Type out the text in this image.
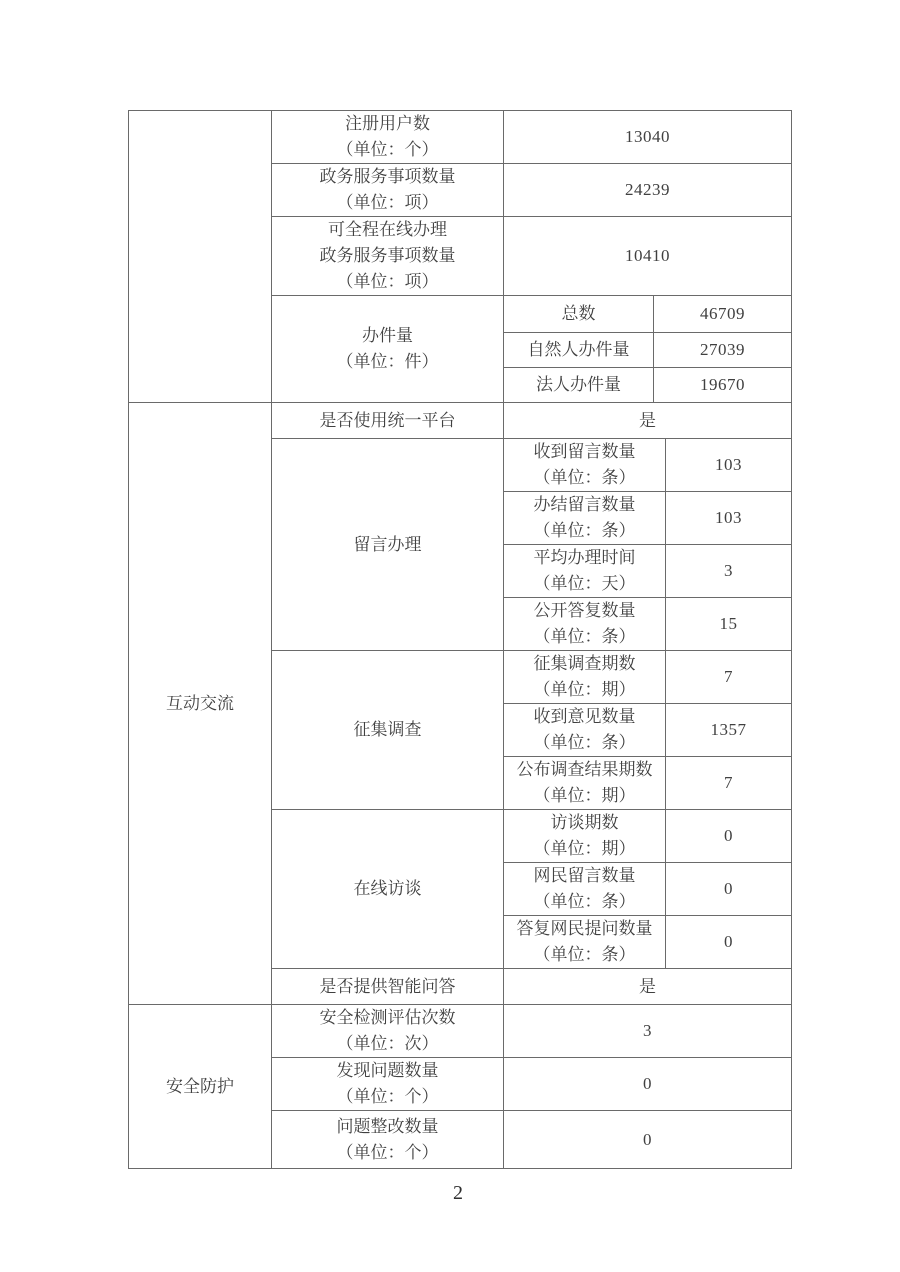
	注册用户数
（单位：个）	13040		

	政务服务事项数量
（单位：项）	24239		

	可全程在线办理
政务服务事项数量
（单位：项）	10410		

	办件量
（单位：件）	总数	46709	
		自然人办件量	27039	
		法人办件量	19670	
互动交流	是否使用统一平台	是		
	留言办理	收到留言数量
（单位：条）		103

		办结留言数量
（单位：条）		103

		平均办理时间
（单位：天）		3

		公开答复数量
（单位：条）		15
	征集调查	征集调查期数
（单位：期）		7

		收到意见数量
（单位：条）		1357

		公布调查结果期数
（单位：期）		7
	在线访谈	访谈期数
（单位：期）		0

		网民留言数量
（单位：条）		0

		答复网民提问数量
（单位：条）		0
	是否提供智能问答	是		
安全防护	安全检测评估次数
（单位：次）	3		

	发现问题数量
（单位：个）	0		

	问题整改数量
（单位：个）	0		
2
